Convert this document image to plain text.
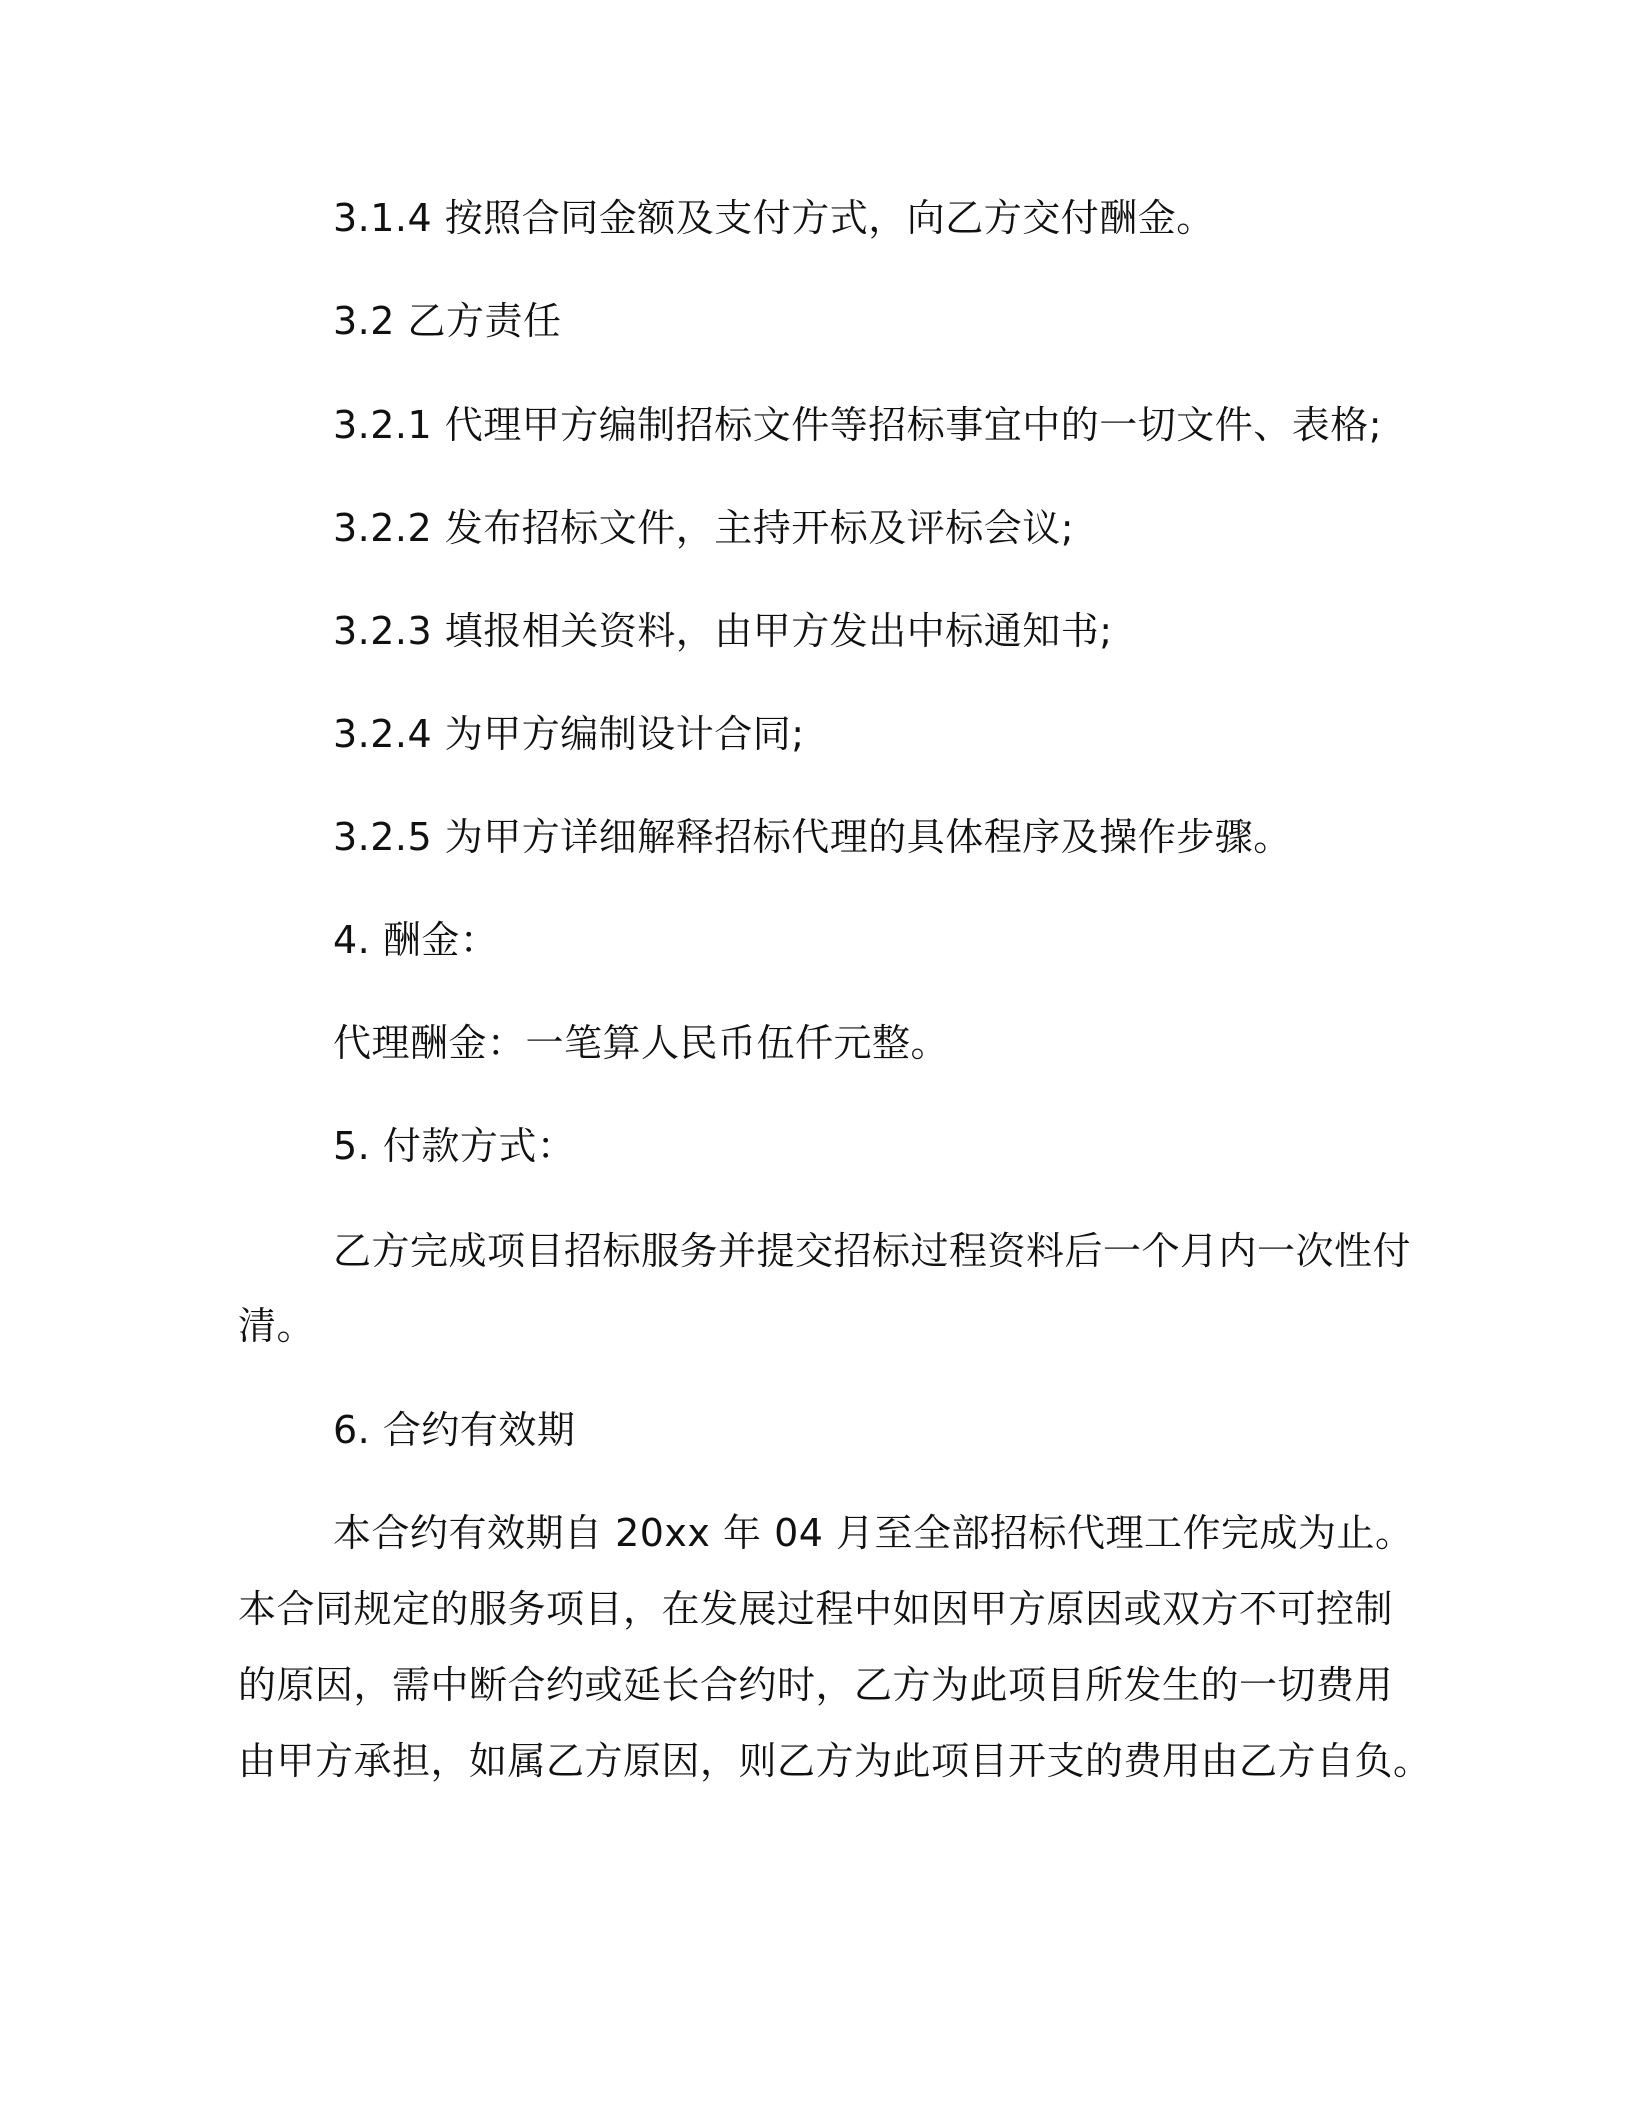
3.1.4 按照合同金额及支付方式，向乙方交付酬金。
3.2 乙方责任
3.2.1 代理甲方编制招标文件等招标事宜中的一切文件、表格;
3.2.2 发布招标文件，主持开标及评标会议;
3.2.3 填报相关资料，由甲方发出中标通知书;
3.2.4 为甲方编制设计合同;
3.2.5 为甲方详细解释招标代理的具体程序及操作步骤。
4. 酬金：
代理酬金：一笔算人民币伍仟元整。
5. 付款方式：
乙方完成项目招标服务并提交招标过程资料后一个月内一次性付
清。
6. 合约有效期
本合约有效期自 20xx 年 04 月至全部招标代理工作完成为止。
本合同规定的服务项目，在发展过程中如因甲方原因或双方不可控制
的原因，需中断合约或延长合约时，乙方为此项目所发生的一切费用
由甲方承担，如属乙方原因，则乙方为此项目开支的费用由乙方自负。
